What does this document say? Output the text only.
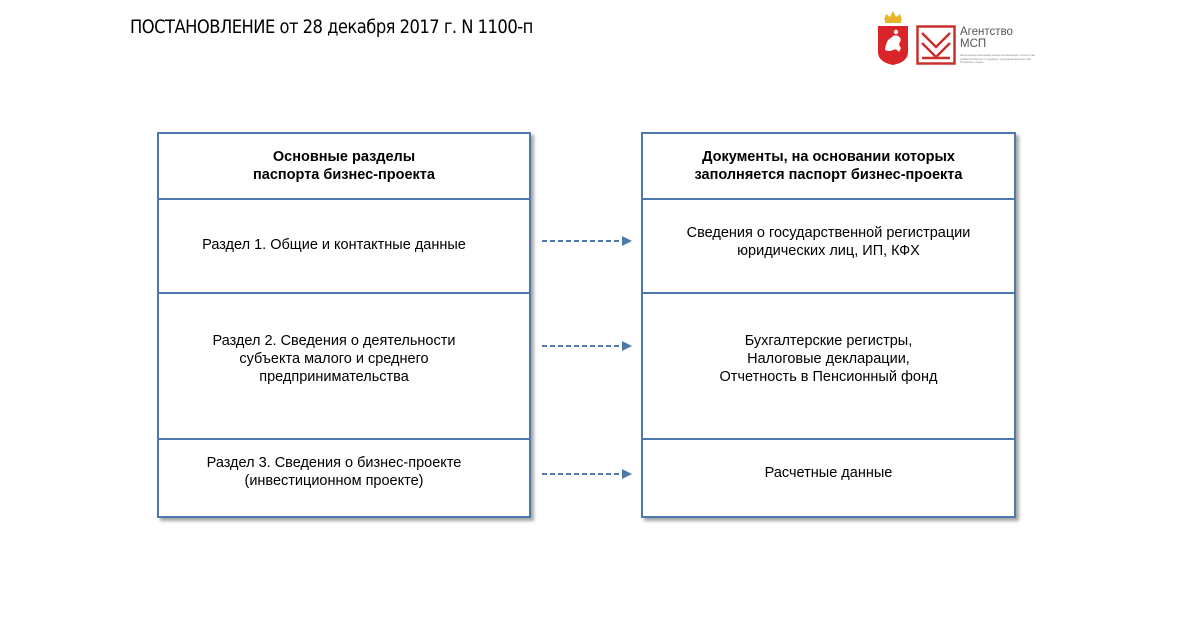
ПОСТАНОВЛЕНИЕ от 28 декабря 2017 г. N 1100-п	Агентство
МСП
автономная некоммерческая организация «Агентство развития малого и среднего предпринимательства Пермского края»
Основные разделы паспорта бизнес-проекта
Раздел 1. Общие и контактные данные
Раздел 2. Сведения о деятельности субъекта малого и среднего предпринимательства
Раздел 3. Сведения о бизнес-проекте (инвестиционном проекте)
Документы, на основании которых заполняется паспорт бизнес-проекта
Сведения о государственной регистрации юридических лиц, ИП, КФХ
Бухгалтерские регистры, Налоговые декларации, Отчетность в Пенсионный фонд
Расчетные данные
